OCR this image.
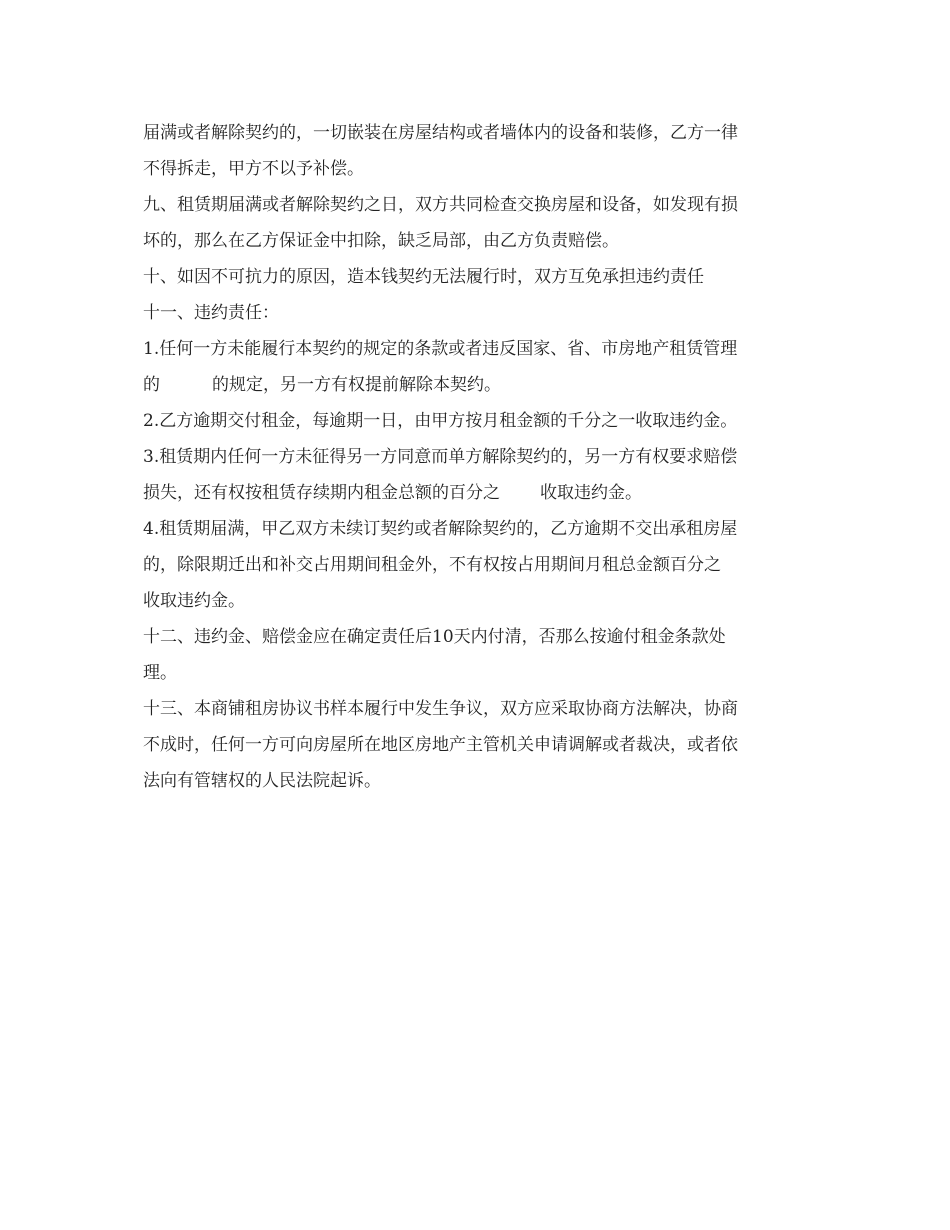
届满或者解除契约的，一切嵌装在房屋结构或者墙体内的设备和装修，乙方一律
不得拆走，甲方不以予补偿。
九、租赁期届满或者解除契约之日，双方共同检查交换房屋和设备，如发现有损
坏的，那么在乙方保证金中扣除，缺乏局部，由乙方负责赔偿。
十、如因不可抗力的原因，造本钱契约无法履行时，双方互免承担违约责任
十一、违约责任：
1.任何一方未能履行本契约的规定的条款或者违反国家、省、市房地产租赁管理
的	的规定，另一方有权提前解除本契约。
2.乙方逾期交付租金，每逾期一日，由甲方按月租金额的千分之一收取违约金。
3.租赁期内任何一方未征得另一方同意而单方解除契约的，另一方有权要求赔偿
损失，还有权按租赁存续期内租金总额的百分之 收取违约金。
4.租赁期届满，甲乙双方未续订契约或者解除契约的，乙方逾期不交出承租房屋
的，除限期迁出和补交占用期间租金外，不有权按占用期间月租总金额百分之
收取违约金。
十二、违约金、赔偿金应在确定责任后10天内付清，否那么按逾付租金条款处
理。
十三、本商铺租房协议书样本履行中发生争议，双方应采取协商方法解决，协商
不成时，任何一方可向房屋所在地区房地产主管机关申请调解或者裁决，或者依
法向有管辖权的人民法院起诉。
